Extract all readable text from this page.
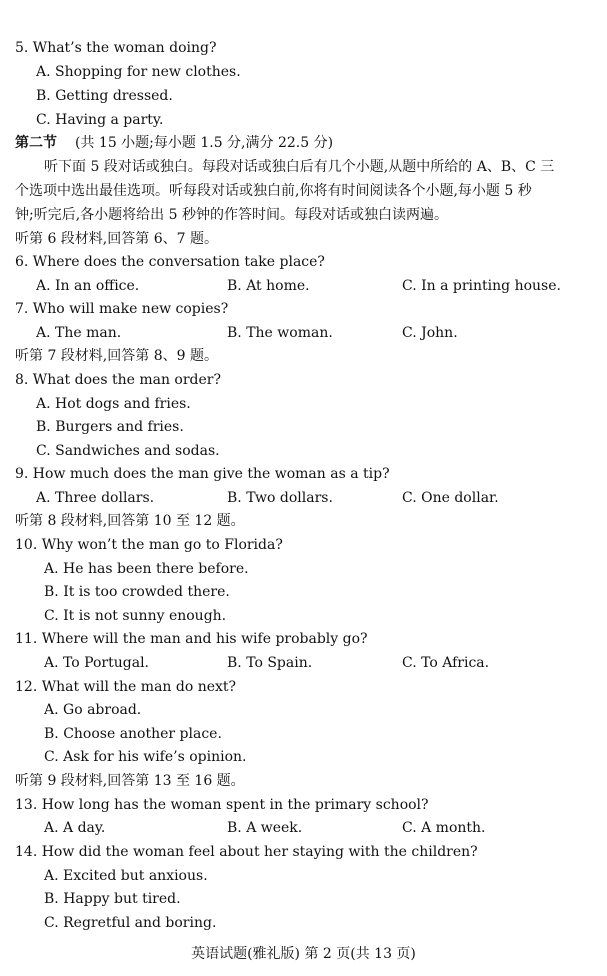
5. What’s the woman doing?
A. Shopping for new clothes.
B. Getting dressed.
C. Having a party.
第二节 (共 15 小题;每小题 1.5 分,满分 22.5 分)
听下面 5 段对话或独白。每段对话或独白后有几个小题,从题中所给的 A、B、C 三
个选项中选出最佳选项。听每段对话或独白前,你将有时间阅读各个小题,每小题 5 秒
钟;听完后,各小题将给出 5 秒钟的作答时间。每段对话或独白读两遍。
听第 6 段材料,回答第 6、7 题。
6. Where does the conversation take place?
A. In an office.	B. At home.	C. In a printing house.
7. Who will make new copies?
A. The man.	B. The woman.	C. John.
听第 7 段材料,回答第 8、9 题。
8. What does the man order?
A. Hot dogs and fries.
B. Burgers and fries.
C. Sandwiches and sodas.
9. How much does the man give the woman as a tip?
A. Three dollars.	B. Two dollars.	C. One dollar.
听第 8 段材料,回答第 10 至 12 题。
10. Why won’t the man go to Florida?
A. He has been there before.
B. It is too crowded there.
C. It is not sunny enough.
11. Where will the man and his wife probably go?
A. To Portugal.	B. To Spain.	C. To Africa.
12. What will the man do next?
A. Go abroad.
B. Choose another place.
C. Ask for his wife’s opinion.
听第 9 段材料,回答第 13 至 16 题。
13. How long has the woman spent in the primary school?
A. A day.	B. A week.	C. A month.
14. How did the woman feel about her staying with the children?
A. Excited but anxious.
B. Happy but tired.
C. Regretful and boring.
英语试题(雅礼版) 第 2 页(共 13 页)
